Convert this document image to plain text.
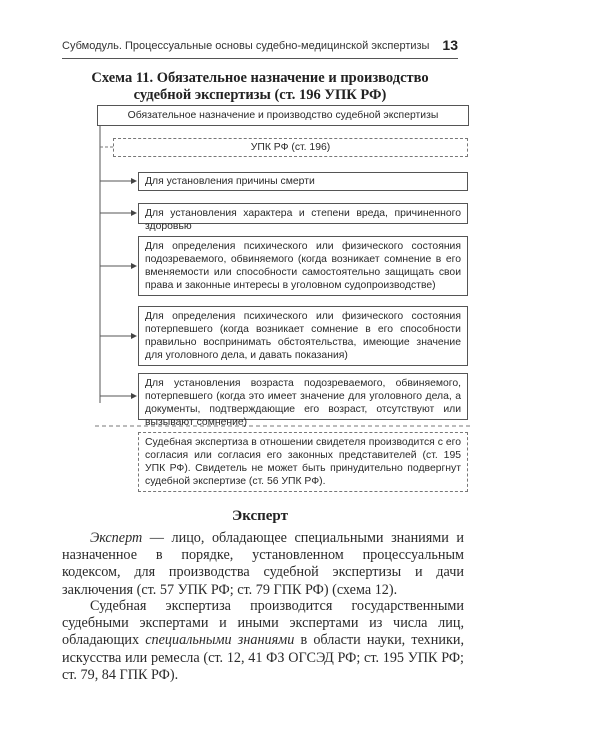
Субмодуль. Процессуальные основы судебно-медицинской экспертизы 13
Схема 11. Обязательное назначение и производство
судебной экспертизы (ст. 196 УПК РФ)
Обязательное назначение и производство судебной экспертизы
УПК РФ (ст. 196)
Для установления причины смерти
Для установления характера и степени вреда, причиненного здоровью
Для определения психического или физического состояния подозреваемого, обвиняемого (когда возникает сомнение в его вменяемости или способности самостоятельно защищать свои права и законные интересы в уголовном судопроизводстве)
Для определения психического или физического состояния потерпевшего (когда возникает сомнение в его способности правильно воспринимать обстоятельства, имеющие значение для уголовного дела, и давать показания)
Для установления возраста подозреваемого, обвиняемого, потерпевшего (когда это имеет значение для уголовного дела, а документы, подтверждающие его возраст, отсутствуют или вызывают сомнение)
Судебная экспертиза в отношении свидетеля производится с его согласия или согласия его законных представителей (ст. 195 УПК РФ). Свидетель не может быть принудительно подвергнут судебной экспертизе (ст. 56 УПК РФ).
Эксперт
Эксперт — лицо, обладающее специальными знаниями и назначенное в порядке, установленном процессуальным кодексом, для производства судебной экспертизы и дачи заключения (ст. 57 УПК РФ; ст. 79 ГПК РФ) (схема 12).
Судебная экспертиза производится государственными судебными экспертами и иными экспертами из числа лиц, обладающих специальными знаниями в области науки, техники, искусства или ремесла (ст. 12, 41 ФЗ ОГСЭД РФ; ст. 195 УПК РФ; ст. 79, 84 ГПК РФ).
